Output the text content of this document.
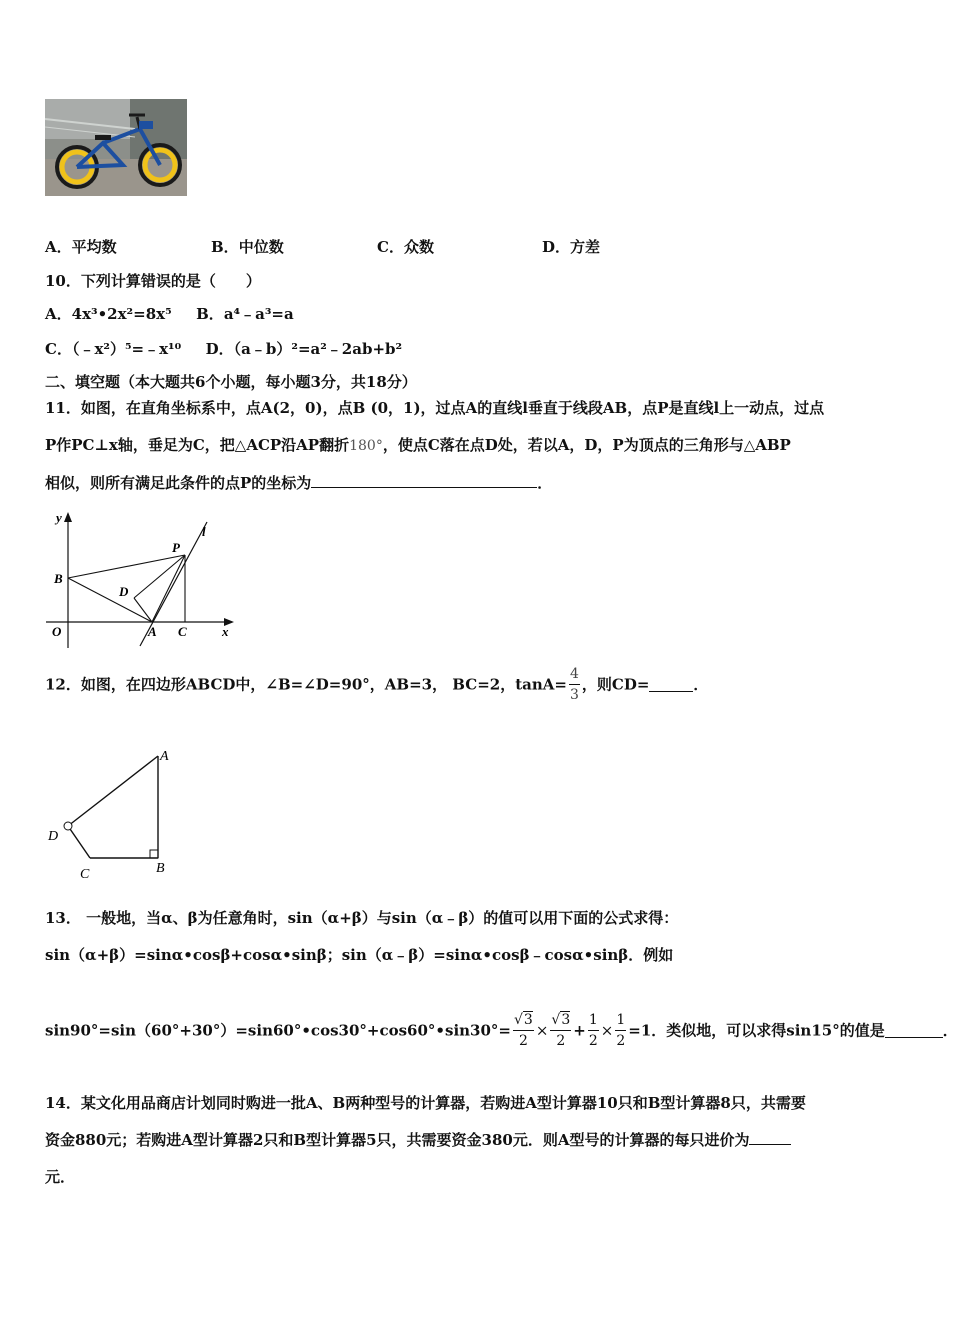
A．平均数	B．中位数	C．众数	D．方差
10．下列计算错误的是（　　）
A．4x³•2x²=8x⁵ B．a⁴﹣a³=a
C．（﹣x²）⁵=﹣x¹⁰ D．（a﹣b）²=a²﹣2ab+b²
二、填空题（本大题共6个小题，每小题3分，共18分）
11．如图，在直角坐标系中，点A(2，0)，点B (0，1)，过点A的直线l垂直于线段AB，点P是直线l上一动点，过点
P作PC⊥x轴，垂足为C，把△ACP沿AP翻折180°，使点C落在点D处，若以A，D，P为顶点的三角形与△ABP
相似，则所有满足此条件的点P的坐标为	．
y
x
O
B
A C
D
P
l
12．如图，在四边形ABCD中，∠B=∠D=90°，AB=3， BC=2，$\tan A= \frac{4}{3}$ ，则CD=	．
A
B
C
D
13． 一般地，当α、β为任意角时，sin（α+β）与sin（α﹣β）的值可以用下面的公式求得：
sin（α+β）=sinα•cosβ+cosα•sinβ；sin（α﹣β）=sinα•cosβ﹣cosα•sinβ．例如
sin90°=sin（60°+30°）=sin60°•cos30°+cos60°•sin30°= $\frac{√3}{2} \times \frac{√3}{2} + \frac{1}{2} \times \frac{1}{2} =1$．类似地，可以求得sin15°的值是	．
14．某文化用品商店计划同时购进一批A、B两种型号的计算器，若购进A型计算器10只和B型计算器8只，共需要
资金880元；若购进A型计算器2只和B型计算器5只，共需要资金380元．则A型号的计算器的每只进价为
元．
